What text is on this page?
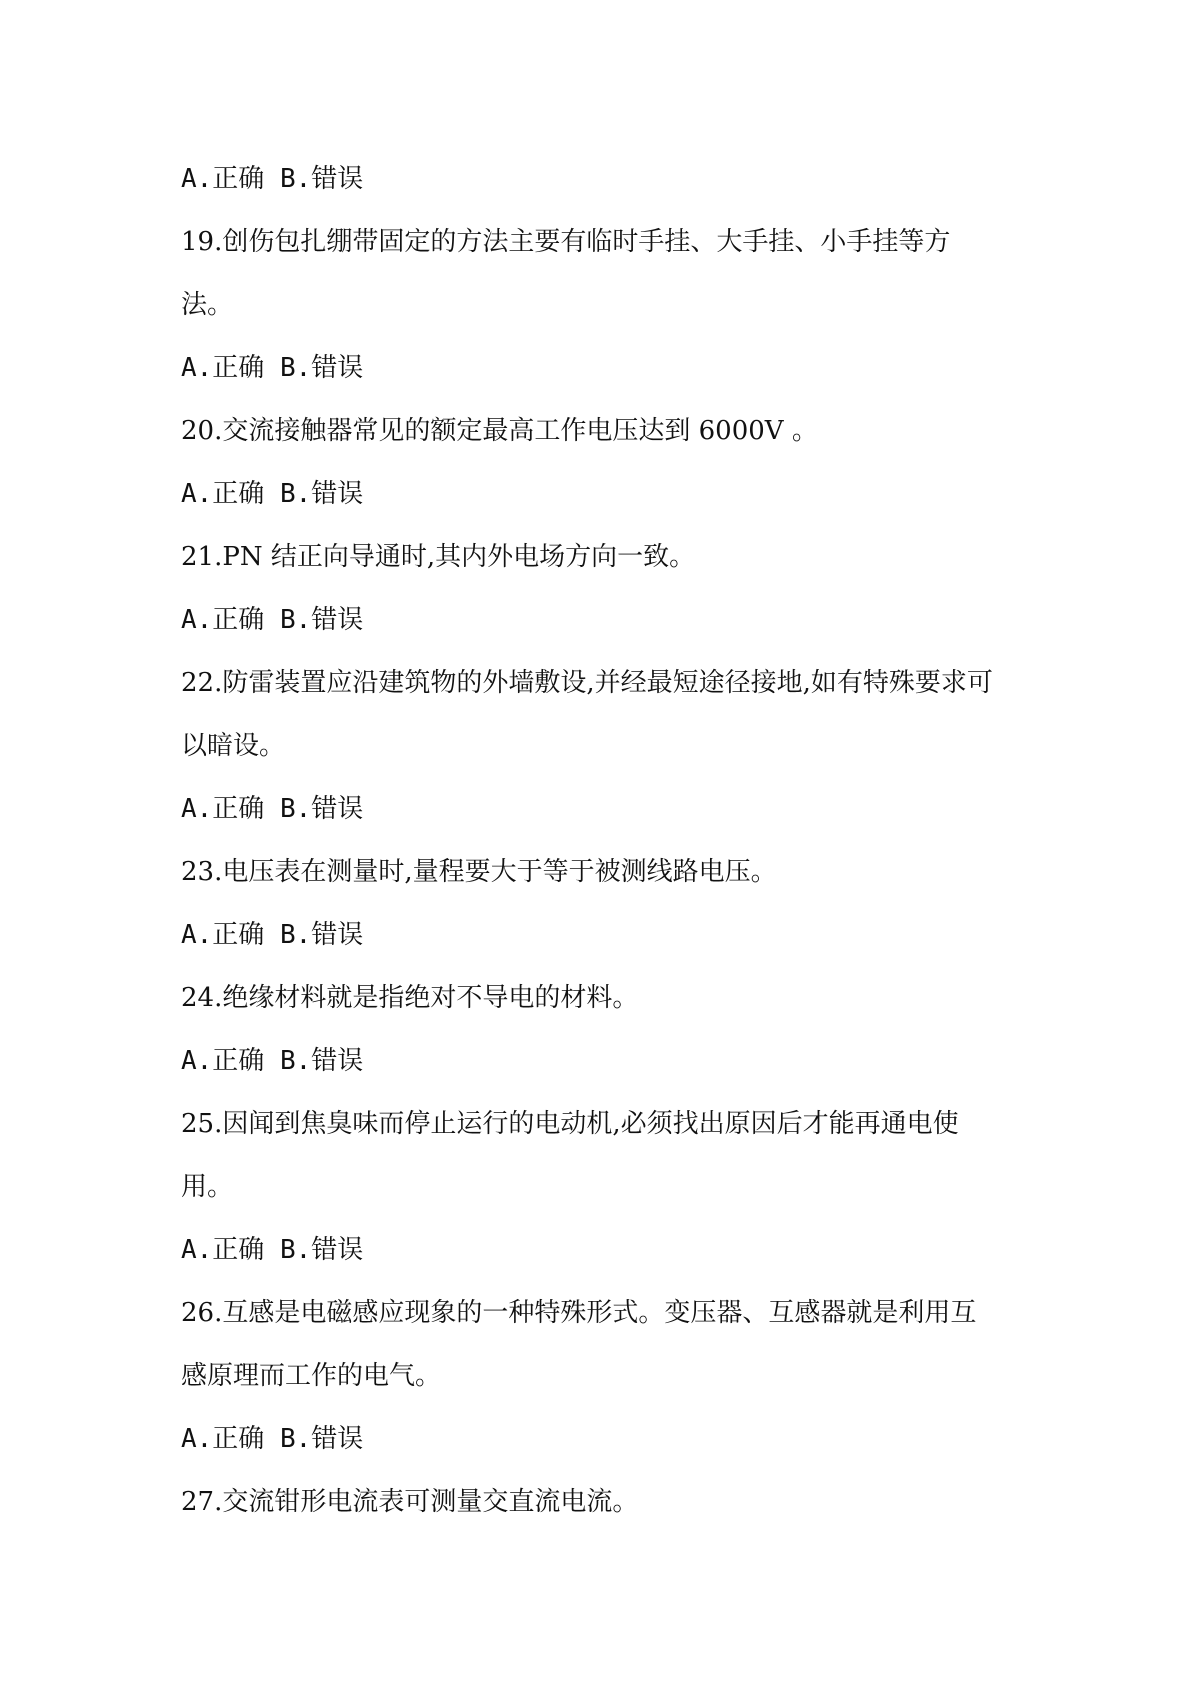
A.正确 B.错误
19.创伤包扎绷带固定的方法主要有临时手挂、大手挂、小手挂等方
法。
A.正确 B.错误
20.交流接触器常见的额定最高工作电压达到 6000V 。
A.正确 B.错误
21.PN 结正向导通时,其内外电场方向一致。
A.正确 B.错误
22.防雷装置应沿建筑物的外墙敷设,并经最短途径接地,如有特殊要求可
以暗设。
A.正确 B.错误
23.电压表在测量时,量程要大于等于被测线路电压。
A.正确 B.错误
24.绝缘材料就是指绝对不导电的材料。
A.正确 B.错误
25.因闻到焦臭味而停止运行的电动机,必须找出原因后才能再通电使
用。
A.正确 B.错误
26.互感是电磁感应现象的一种特殊形式。变压器、互感器就是利用互
感原理而工作的电气。
A.正确 B.错误
27.交流钳形电流表可测量交直流电流。
